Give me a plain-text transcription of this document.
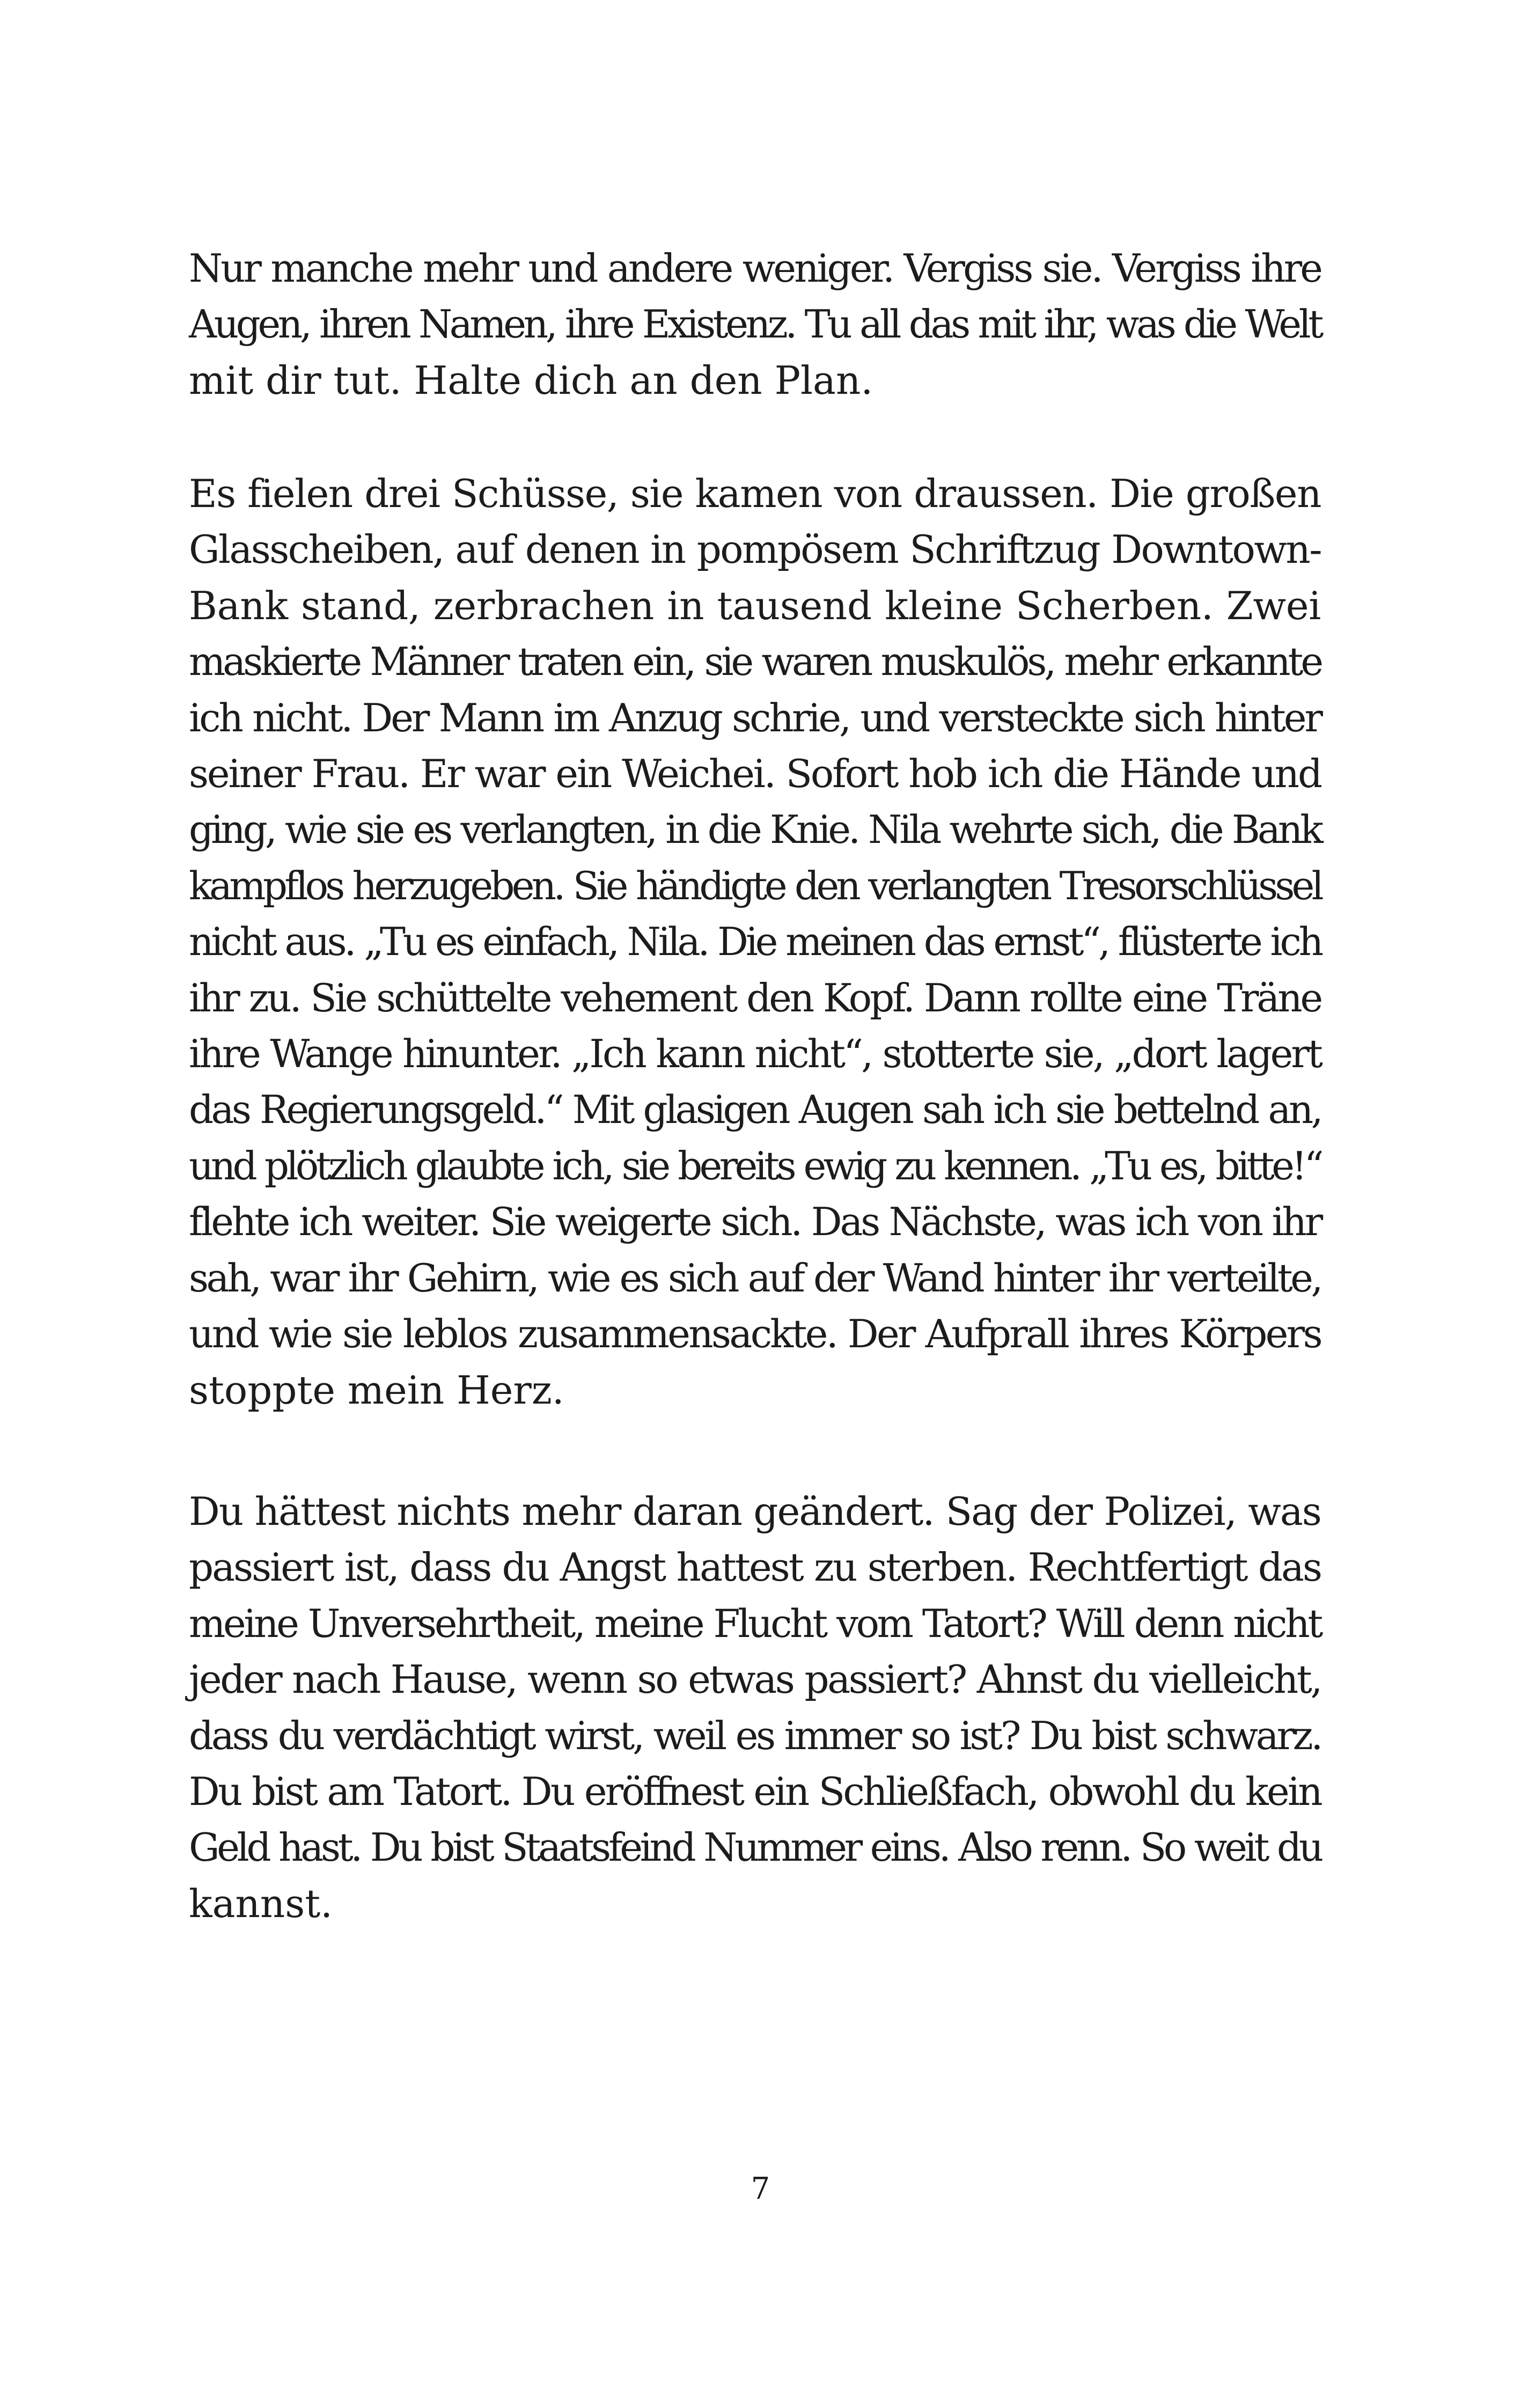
Nur manche mehr und andere weniger. Vergiss sie. Vergiss ihre
Augen, ihren Namen, ihre Existenz. Tu all das mit ihr, was die Welt
mit dir tut. Halte dich an den Plan.
Es fielen drei Schüsse, sie kamen von draussen. Die großen
Glasscheiben, auf denen in pompösem Schriftzug Downtown-
Bank stand, zerbrachen in tausend kleine Scherben. Zwei
maskierte Männer traten ein, sie waren muskulös, mehr erkannte
ich nicht. Der Mann im Anzug schrie, und versteckte sich hinter
seiner Frau. Er war ein Weichei. Sofort hob ich die Hände und
ging, wie sie es verlangten, in die Knie. Nila wehrte sich, die Bank
kampflos herzugeben. Sie händigte den verlangten Tresorschlüssel
nicht aus. „Tu es einfach, Nila. Die meinen das ernst“, flüsterte ich
ihr zu. Sie schüttelte vehement den Kopf. Dann rollte eine Träne
ihre Wange hinunter. „Ich kann nicht“, stotterte sie, „dort lagert
das Regierungsgeld.“ Mit glasigen Augen sah ich sie bettelnd an,
und plötzlich glaubte ich, sie bereits ewig zu kennen. „Tu es, bitte!“
flehte ich weiter. Sie weigerte sich. Das Nächste, was ich von ihr
sah, war ihr Gehirn, wie es sich auf der Wand hinter ihr verteilte,
und wie sie leblos zusammensackte. Der Aufprall ihres Körpers
stoppte mein Herz.
Du hättest nichts mehr daran geändert. Sag der Polizei, was
passiert ist, dass du Angst hattest zu sterben. Rechtfertigt das
meine Unversehrtheit, meine Flucht vom Tatort? Will denn nicht
jeder nach Hause, wenn so etwas passiert? Ahnst du vielleicht,
dass du verdächtigt wirst, weil es immer so ist? Du bist schwarz.
Du bist am Tatort. Du eröffnest ein Schließfach, obwohl du kein
Geld hast. Du bist Staatsfeind Nummer eins. Also renn. So weit du
kannst.
7
